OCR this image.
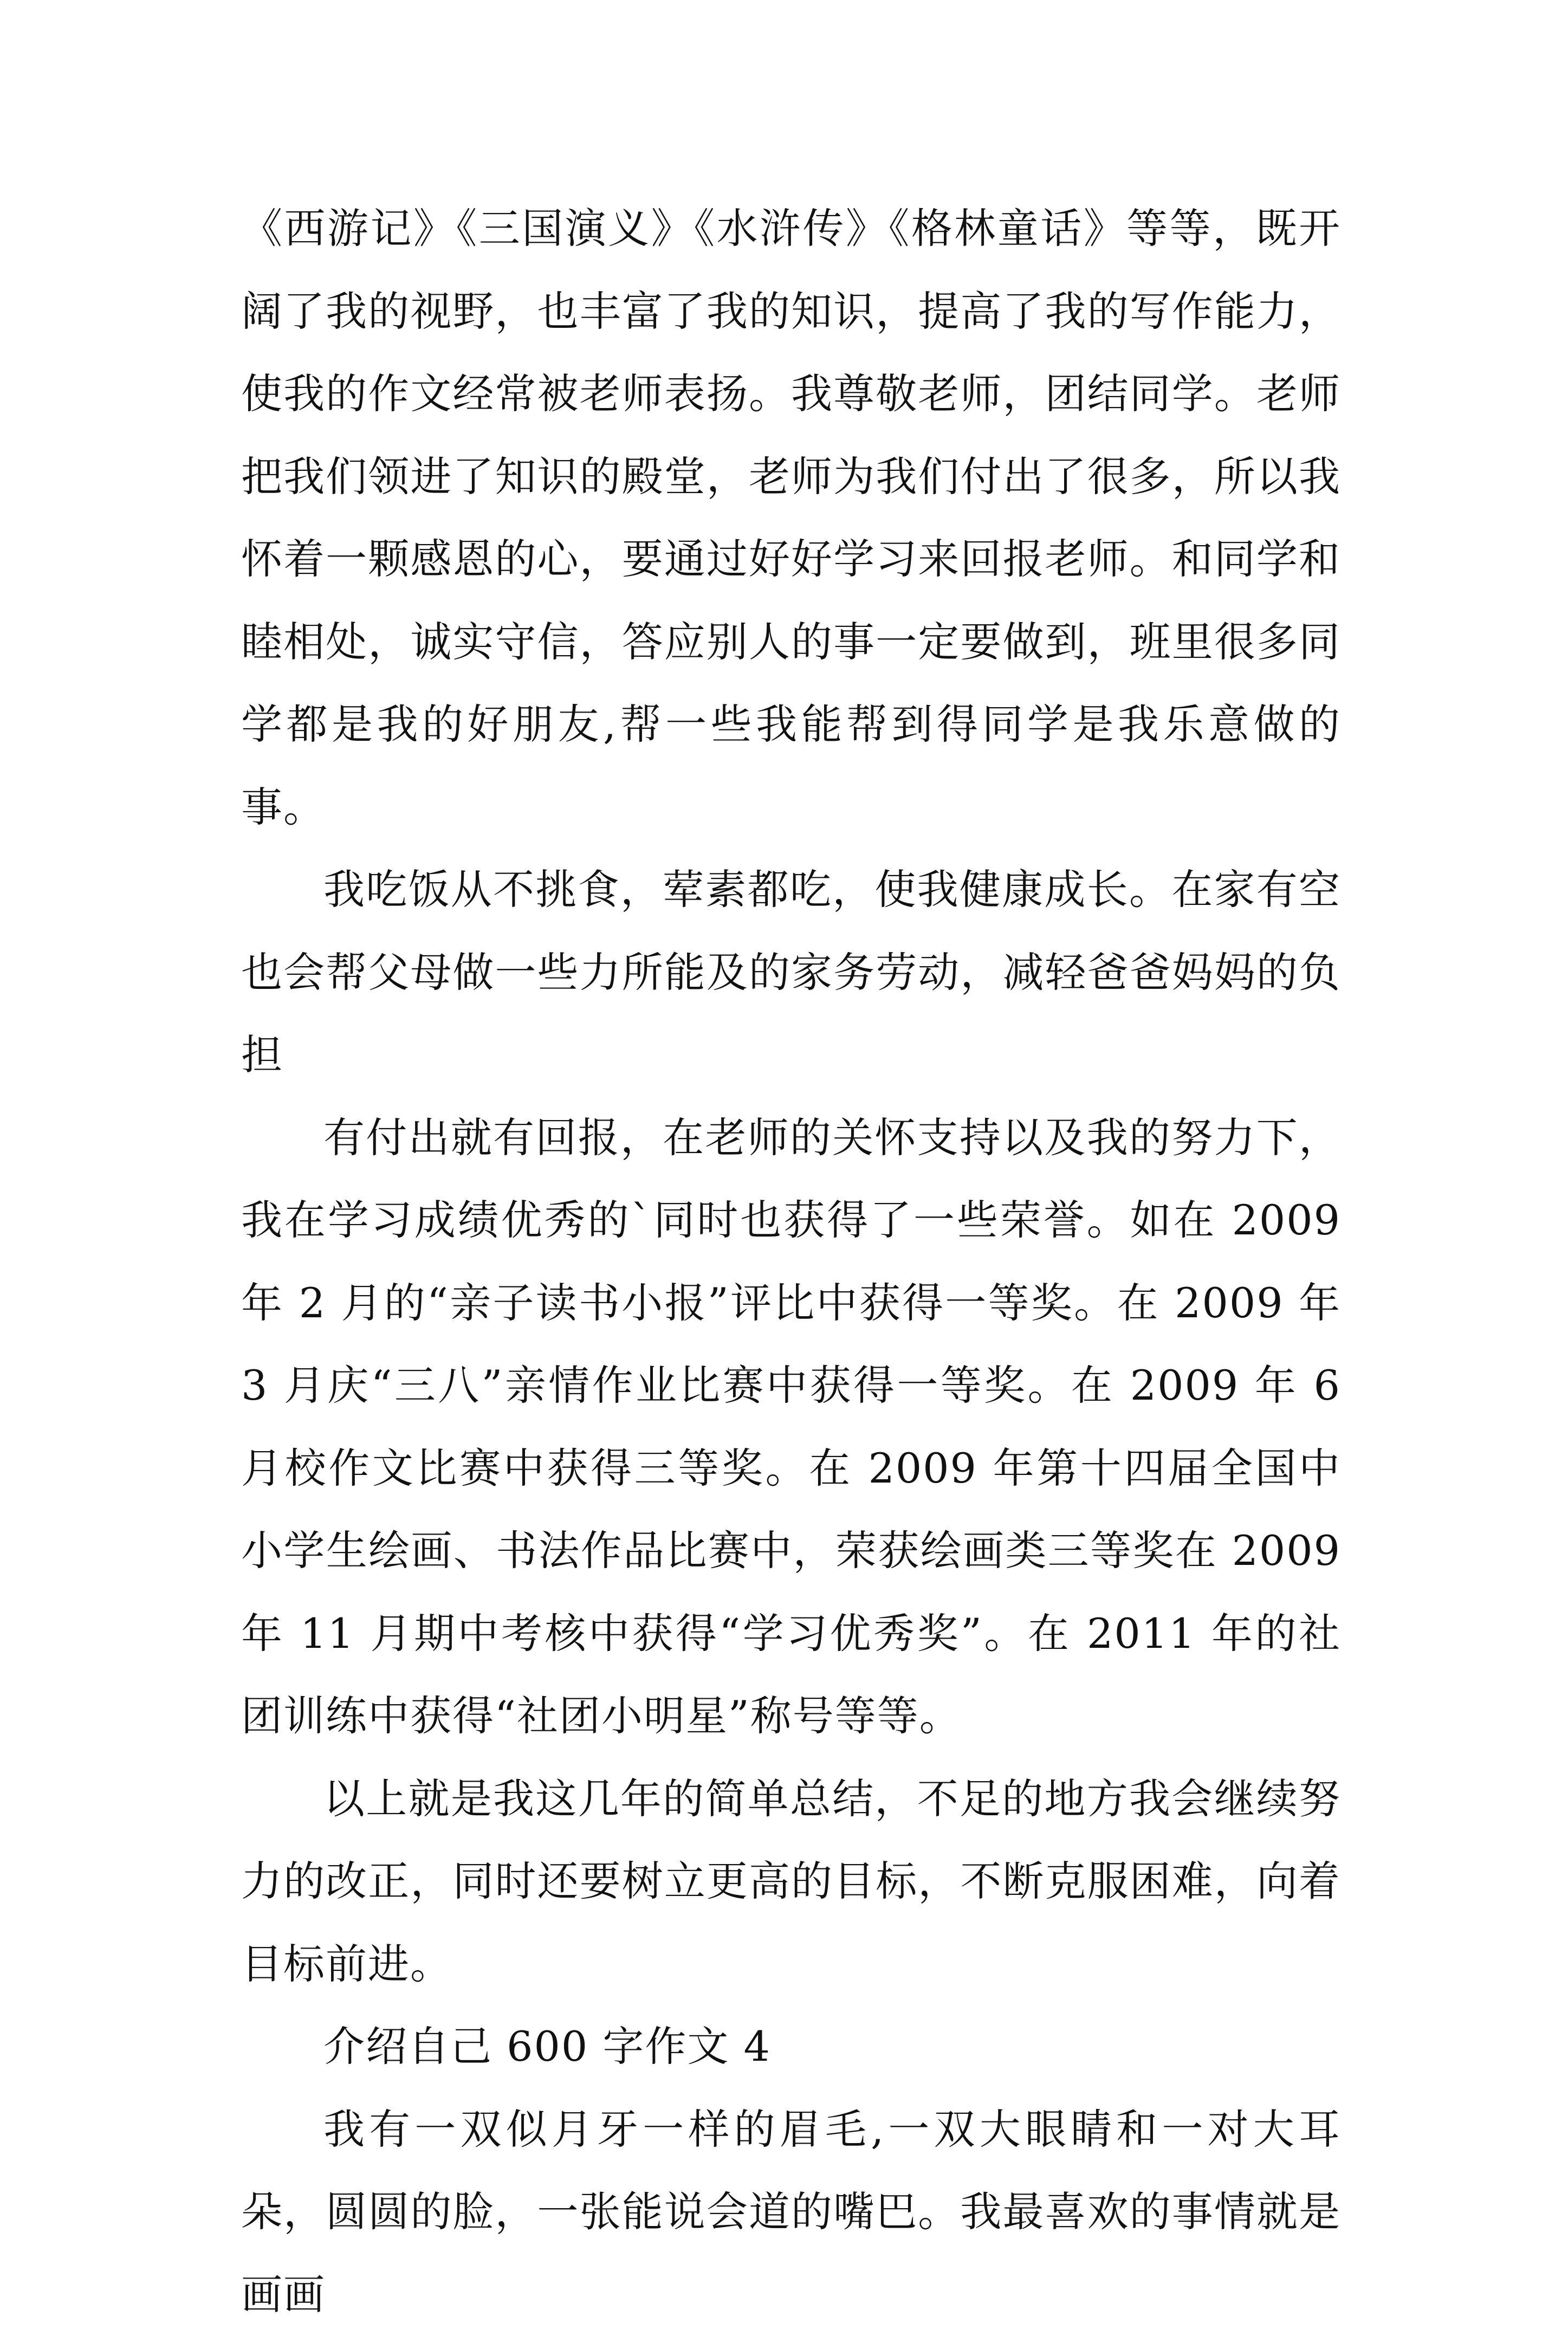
《西游记》《三国演义》《水浒传》《格林童话》等等，既开阔了我的视野，也丰富了我的知识，提高了我的写作能力，使我的作文经常被老师表扬。我尊敬老师，团结同学。老师把我们领进了知识的殿堂，老师为我们付出了很多，所以我怀着一颗感恩的心，要通过好好学习来回报老师。和同学和睦相处，诚实守信，答应别人的事一定要做到，班里很多同学都是我的好朋友,帮一些我能帮到得同学是我乐意做的事。

我吃饭从不挑食，荤素都吃，使我健康成长。在家有空也会帮父母做一些力所能及的家务劳动，减轻爸爸妈妈的负担

有付出就有回报，在老师的关怀支持以及我的努力下，我在学习成绩优秀的`同时也获得了一些荣誉。如在 2009 年 2 月的“亲子读书小报”评比中获得一等奖。在 2009 年 3 月庆“三八”亲情作业比赛中获得一等奖。在 2009 年 6 月校作文比赛中获得三等奖。在 2009 年第十四届全国中小学生绘画、书法作品比赛中，荣获绘画类三等奖在 2009 年 11 月期中考核中获得“学习优秀奖”。在 2011 年的社团训练中获得“社团小明星”称号等等。

以上就是我这几年的简单总结，不足的地方我会继续努力的改正，同时还要树立更高的目标，不断克服困难，向着目标前进。

介绍自己 600 字作文 4

我有一双似月牙一样的眉毛,一双大眼睛和一对大耳朵，圆圆的脸，一张能说会道的嘴巴。我最喜欢的事情就是画画
